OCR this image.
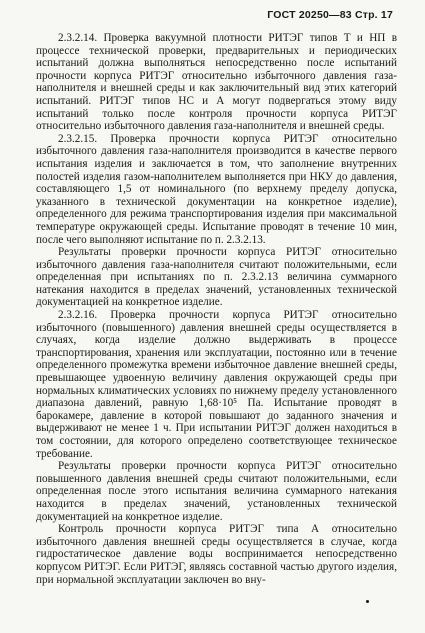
ГОСТ 20250—83 Стр. 17

2.3.2.14. Проверка вакуумной плотности РИТЭГ типов Т и НП в процессе технической проверки, предварительных и периодических испытаний должна выполняться непосредственно после испытаний прочности корпуса РИТЭГ относительно избыточного давления газа-наполнителя и внешней среды и как заключительный вид этих категорий испытаний. РИТЭГ типов НС и А могут подвергаться этому виду испытаний только после контроля прочности корпуса РИТЭГ относительно избыточного давления газа-наполнителя и внешней среды.

2.3.2.15. Проверка прочности корпуса РИТЭГ относительно избыточного давления газа-наполнителя производится в качестве первого испытания изделия и заключается в том, что заполнение внутренних полостей изделия газом-наполнителем выполняется при НКУ до давления, составляющего 1,5 от номинального (по верхнему пределу допуска, указанного в технической документации на конкретное изделие), определенного для режима транспортирования изделия при максимальной температуре окружающей среды. Испытание проводят в течение 10 мин, после чего выполняют испытание по п. 2.3.2.13.

Результаты проверки прочности корпуса РИТЭГ относительно избыточного давления газа-наполнителя считают положительными, если определенная при испытаниях по п. 2.3.2.13 величина суммарного натекания находится в пределах значений, установленных технической документацией на конкретное изделие.

2.3.2.16. Проверка прочности корпуса РИТЭГ относительно избыточного (повышенного) давления внешней среды осуществляется в случаях, когда изделие должно выдерживать в процессе транспортирования, хранения или эксплуатации, постоянно или в течение определенного промежутка времени избыточное давление внешней среды, превышающее удвоенную величину давления окружающей среды при нормальных климатических условиях по нижнему пределу установленного диапазона давлений, равную 1,68·10⁵ Па. Испытание проводят в барокамере, давление в которой повышают до заданного значения и выдерживают не менее 1 ч. При испытании РИТЭГ должен находиться в том состоянии, для которого определено соответствующее техническое требование.

Результаты проверки прочности корпуса РИТЭГ относительно повышенного давления внешней среды считают положительными, если определенная после этого испытания величина суммарного натекания находится в пределах значений, установленных технической документацией на конкретное изделие.

Контроль прочности корпуса РИТЭГ типа А относительно избыточного давления внешней среды осуществляется в случае, когда гидростатическое давление воды воспринимается непосредственно корпусом РИТЭГ. Если РИТЭГ, являясь составной частью другого изделия, при нормальной эксплуатации заключен во вну-
